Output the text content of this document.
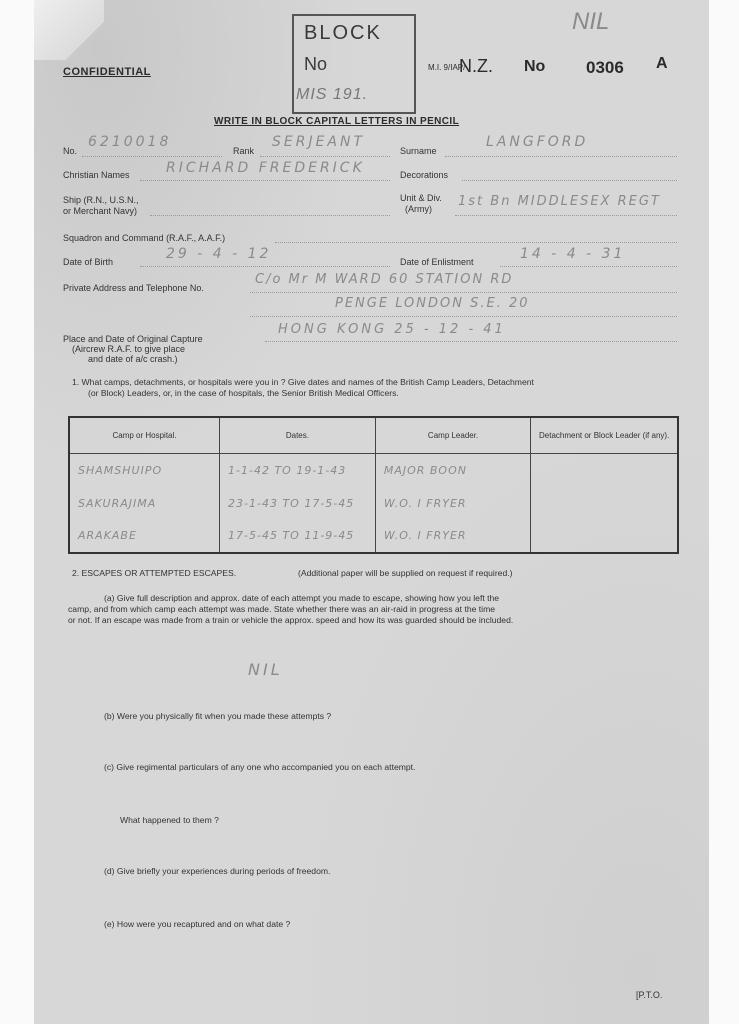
NIL
BLOCK
No
MIS 191.
CONFIDENTIAL	M.I. 9/IAP/
N.Z. No 0306 A
WRITE IN BLOCK CAPITAL LETTERS IN PENCIL
No.
6210018
Rank
SERJEANT
Surname
LANGFORD
Christian Names	RICHARD FREDERICK	Decorations
Ship (R.N., U.S.N.,
or Merchant Navy)
Unit & Div.
(Army) 1st Bn MIDDLESEX REGT
Squadron and Command (R.A.F., A.A.F.)
Date of Birth	29 - 4 - 12	Date of Enlistment	14 - 4 - 31
Private Address and Telephone No.
C/o Mr M WARD 60 STATION RD
PENGE LONDON S.E. 20
Place and Date of Original Capture
(Aircrew R.A.F. to give place
and date of a/c crash.)
HONG KONG 25 - 12 - 41
1. What camps, detachments, or hospitals were you in ? Give dates and names of the British Camp Leaders, Detachment
(or Block) Leaders, or, in the case of hospitals, the Senior British Medical Officers.
Camp or Hospital.	Dates.	Camp Leader.	Detachment or Block Leader (if any).
SHAMSHUIPO	1-1-42 TO 19-1-43	MAJOR BOON	
SAKURAJIMA	23-1-43 TO 17-5-45	W.O. I FRYER	
ARAKABE	17-5-45 TO 11-9-45	W.O. I FRYER	
2. ESCAPES OR ATTEMPTED ESCAPES.	(Additional paper will be supplied on request if required.)
(a) Give full description and approx. date of each attempt you made to escape, showing how you left the
camp, and from which camp each attempt was made. State whether there was an air-raid in progress at the time
or not. If an escape was made from a train or vehicle the approx. speed and how its was guarded should be included.
NIL
(b) Were you physically fit when you made these attempts ?
(c) Give regimental particulars of any one who accompanied you on each attempt.
What happened to them ?
(d) Give briefly your experiences during periods of freedom.
(e) How were you recaptured and on what date ?
[P.T.O.
